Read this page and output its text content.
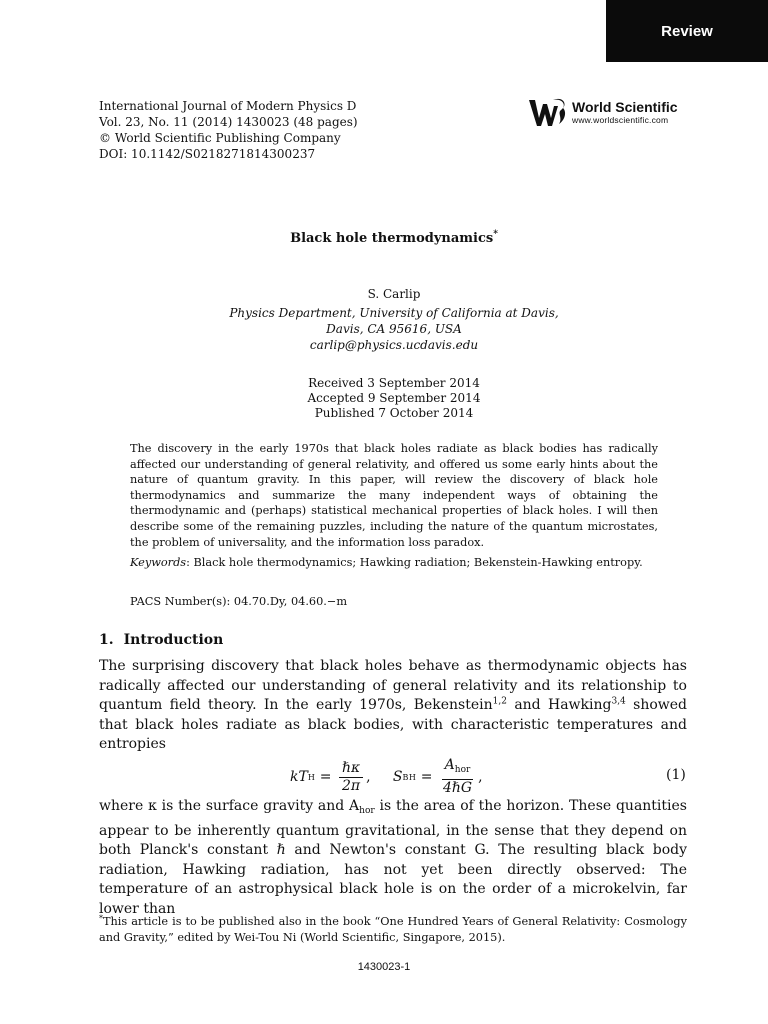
Review
International Journal of Modern Physics D
Vol. 23, No. 11 (2014) 1430023 (48 pages)
© World Scientific Publishing Company
DOI: 10.1142/S0218271814300237
World Scientific
www.worldscientific.com
Black hole thermodynamics*
S. Carlip
Physics Department, University of California at Davis,
Davis, CA 95616, USA
carlip@physics.ucdavis.edu
Received 3 September 2014
Accepted 9 September 2014
Published 7 October 2014
The discovery in the early 1970s that black holes radiate as black bodies has radically affected our understanding of general relativity, and offered us some early hints about the nature of quantum gravity. In this paper, will review the discovery of black hole thermodynamics and summarize the many independent ways of obtaining the thermodynamic and (perhaps) statistical mechanical properties of black holes. I will then describe some of the remaining puzzles, including the nature of the quantum microstates, the problem of universality, and the information loss paradox.
Keywords: Black hole thermodynamics; Hawking radiation; Bekenstein-Hawking entropy.
PACS Number(s): 04.70.Dy, 04.60.−m
1. Introduction
The surprising discovery that black holes behave as thermodynamic objects has radically affected our understanding of general relativity and its relationship to quantum field theory. In the early 1970s, Bekenstein$^{1,2}$ and Hawking$^{3,4}$ showed that black holes radiate as black bodies, with characteristic temperatures and entropies
kT $H = \frac{\text{ℏκ}}{2\pi}$ , S BH = $\frac{A_{hor}}{\text{4ℏG}}$ ,	(1)
where κ is the surface gravity and $A_{hor}$ is the area of the horizon. These quantities appear to be inherently quantum gravitational, in the sense that they depend on both Planck's constant ℏ and Newton's constant G. The resulting black body radiation, Hawking radiation, has not yet been directly observed: The temperature of an astrophysical black hole is on the order of a microkelvin, far lower than
*This article is to be published also in the book “One Hundred Years of General Relativity: Cosmology and Gravity,” edited by Wei-Tou Ni (World Scientific, Singapore, 2015).
1430023-1
